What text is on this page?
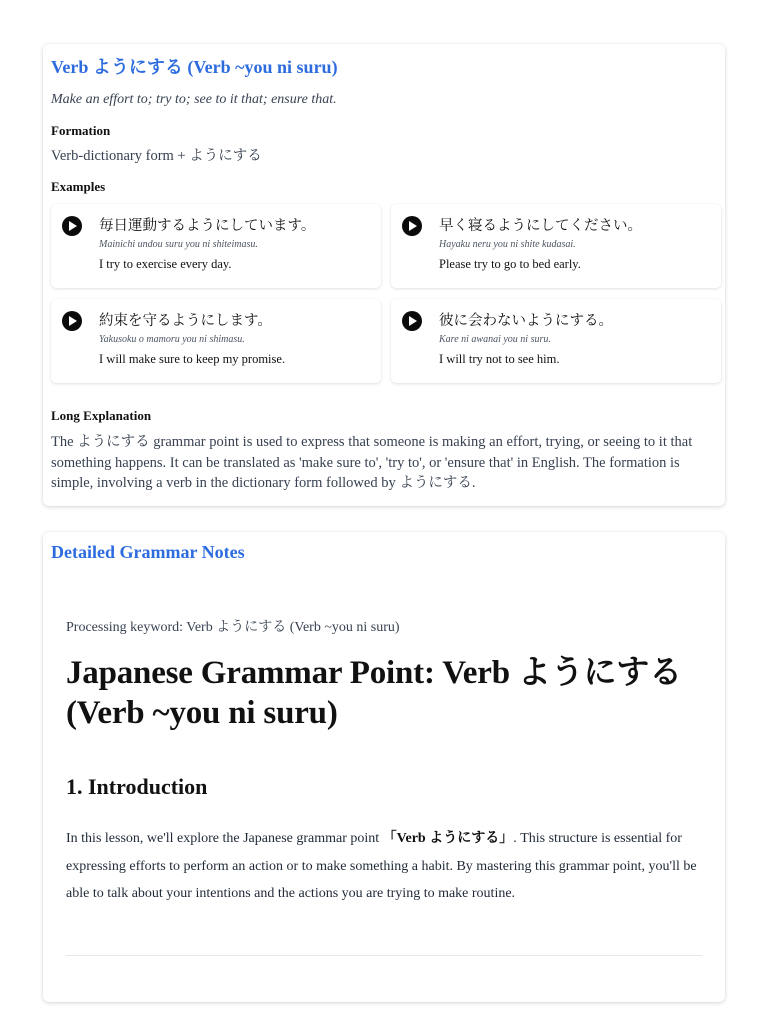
Verb ようにする (Verb ~you ni suru)
Make an effort to; try to; see to it that; ensure that.
Formation
Verb-dictionary form + ようにする
Examples
毎日運動するようにしています。
Mainichi undou suru you ni shiteimasu.
I try to exercise every day.
早く寝るようにしてください。
Hayaku neru you ni shite kudasai.
Please try to go to bed early.
約束を守るようにします。
Yakusoku o mamoru you ni shimasu.
I will make sure to keep my promise.
彼に会わないようにする。
Kare ni awanai you ni suru.
I will try not to see him.
Long Explanation
The ようにする grammar point is used to express that someone is making an effort, trying, or seeing to it that something happens. It can be translated as 'make sure to', 'try to', or 'ensure that' in English. The formation is simple, involving a verb in the dictionary form followed by ようにする.
Detailed Grammar Notes
Processing keyword: Verb ようにする (Verb ~you ni suru)
Japanese Grammar Point: Verb ようにする (Verb ~you ni suru)
1. Introduction

In this lesson, we'll explore the Japanese grammar point 「Verb ようにする」. This structure is essential for expressing efforts to perform an action or to make something a habit. By mastering this grammar point, you'll be able to talk about your intentions and the actions you are trying to make routine.
